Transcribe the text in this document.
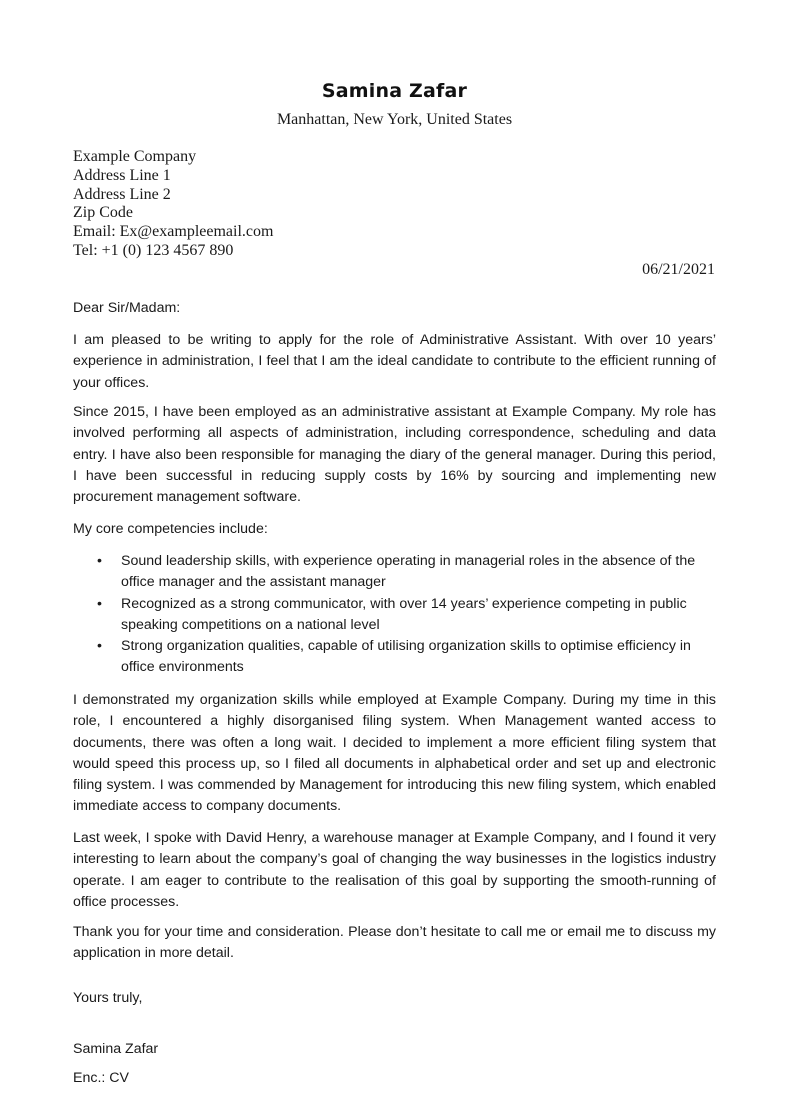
Samina Zafar
Manhattan, New York, United States
Example Company
Address Line 1
Address Line 2
Zip Code
Email: Ex@exampleemail.com
Tel: +1 (0) 123 4567 890
06/21/2021

Dear Sir/Madam:

I am pleased to be writing to apply for the role of Administrative Assistant. With over 10 years’ experience in administration, I feel that I am the ideal candidate to contribute to the efficient running of your offices.

Since 2015, I have been employed as an administrative assistant at Example Company. My role has involved performing all aspects of administration, including correspondence, scheduling and data entry. I have also been responsible for managing the diary of the general manager. During this period, I have been successful in reducing supply costs by 16% by sourcing and implementing new procurement management software.

My core competencies include:

• Sound leadership skills, with experience operating in managerial roles in the absence of the office manager and the assistant manager
• Recognized as a strong communicator, with over 14 years’ experience competing in public speaking competitions on a national level
• Strong organization qualities, capable of utilising organization skills to optimise efficiency in office environments

I demonstrated my organization skills while employed at Example Company. During my time in this role, I encountered a highly disorganised filing system. When Management wanted access to documents, there was often a long wait. I decided to implement a more efficient filing system that would speed this process up, so I filed all documents in alphabetical order and set up and electronic filing system. I was commended by Management for introducing this new filing system, which enabled immediate access to company documents.

Last week, I spoke with David Henry, a warehouse manager at Example Company, and I found it very interesting to learn about the company’s goal of changing the way businesses in the logistics industry operate. I am eager to contribute to the realisation of this goal by supporting the smooth-running of office processes.

Thank you for your time and consideration. Please don’t hesitate to call me or email me to discuss my application in more detail.

Yours truly,

Samina Zafar

Enc.: CV
